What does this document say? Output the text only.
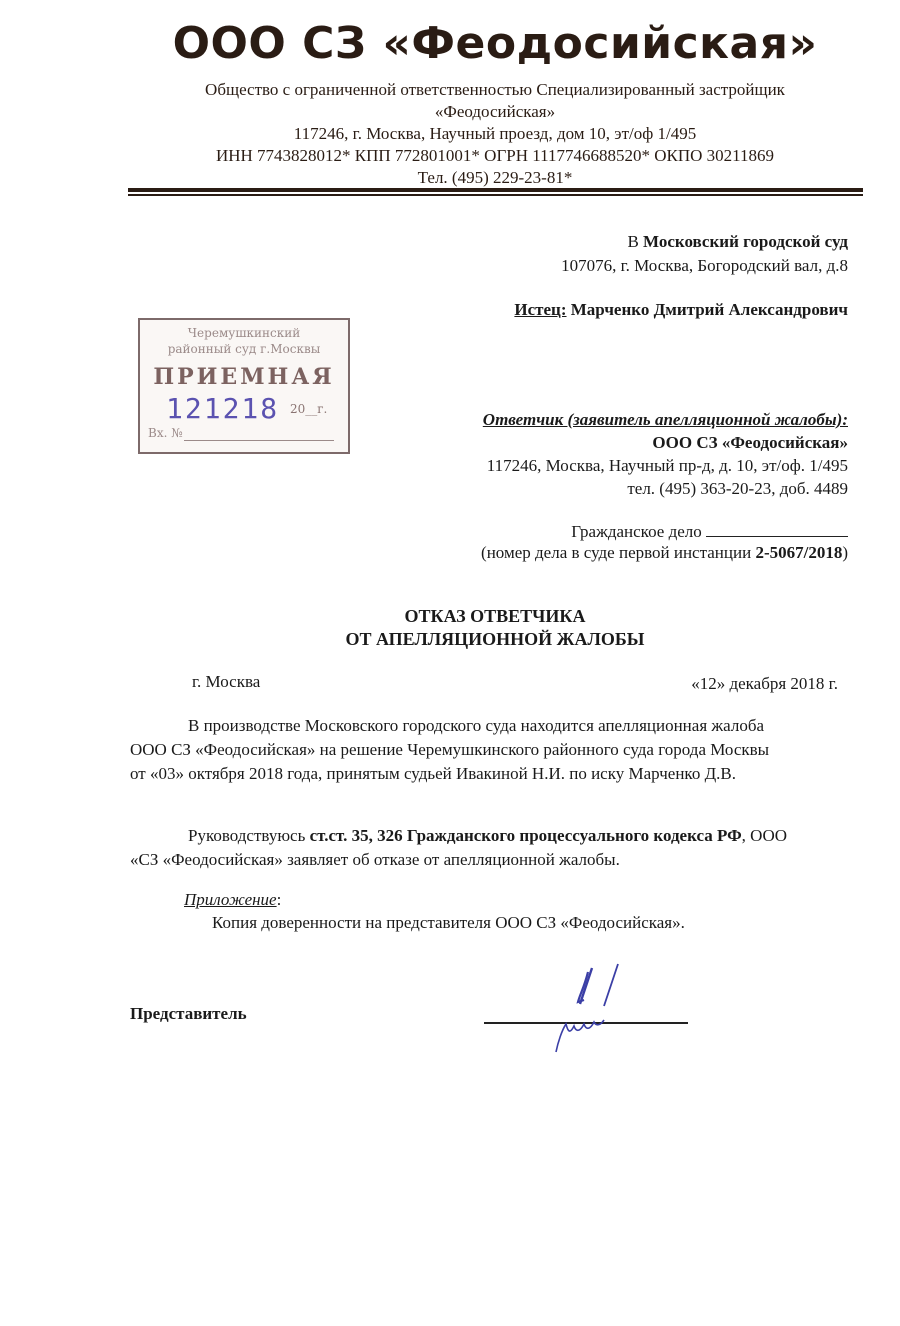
ООО СЗ «Феодосийская»
Общество с ограниченной ответственностью Специализированный застройщик
«Феодосийская»
117246, г. Москва, Научный проезд, дом 10, эт/оф 1/495
ИНН 7743828012* КПП 772801001* ОГРН 1117746688520* ОКПО 30211869
Тел. (495) 229-23-81*
В Московский городской суд
107076, г. Москва, Богородский вал, д.8
Истец: Марченко Дмитрий Александрович
Черемушкинский
районный суд г.Москвы
ПРИЕМНАЯ
121218 20__г.
Вх. №
Ответчик (заявитель апелляционной жалобы):
ООО СЗ «Феодосийская»
117246, Москва, Научный пр-д, д. 10, эт/оф. 1/495
тел. (495) 363-20-23, доб. 4489
Гражданское дело
(номер дела в суде первой инстанции 2-5067/2018)
ОТКАЗ ОТВЕТЧИКА
ОТ АПЕЛЛЯЦИОННОЙ ЖАЛОБЫ
г. Москва	«12» декабря 2018 г.
В производстве Московского городского суда находится апелляционная жалоба
ООО СЗ «Феодосийская» на решение Черемушкинского районного суда города Москвы
от «03» октября 2018 года, принятым судьей Ивакиной Н.И. по иску Марченко Д.В.
Руководствуюсь ст.ст. 35, 326 Гражданского процессуального кодекса РФ, ООО
«СЗ «Феодосийская» заявляет об отказе от апелляционной жалобы.
Приложение:
Копия доверенности на представителя ООО СЗ «Феодосийская».
Представитель
